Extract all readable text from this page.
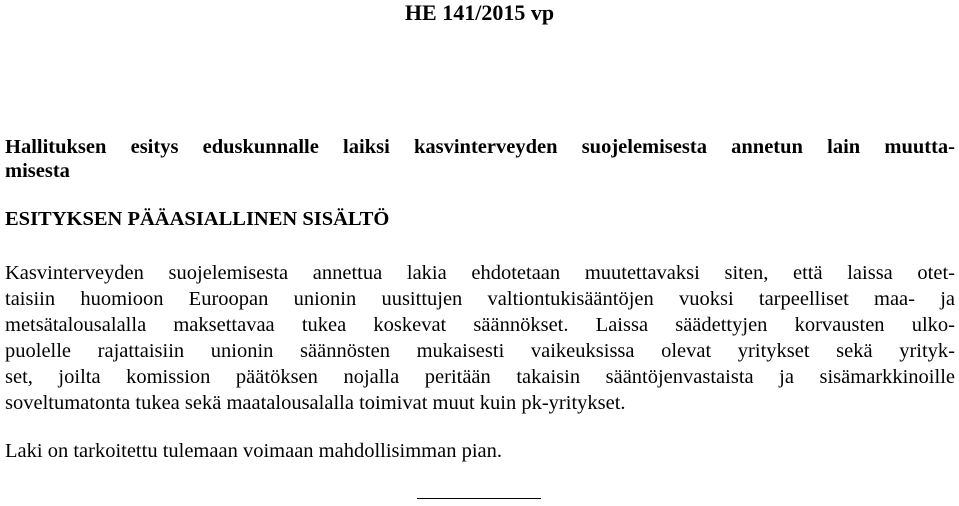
HE 141/2015 vp
Hallituksen esitys eduskunnalle laiksi kasvinterveyden suojelemisesta annetun lain muutta-
misesta
ESITYKSEN PÄÄASIALLINEN SISÄLTÖ

Kasvinterveyden suojelemisesta annettua lakia ehdotetaan muutettavaksi siten, että laissa otet-
taisiin huomioon Euroopan unionin uusittujen valtiontukisääntöjen vuoksi tarpeelliset maa- ja
metsätalousalalla maksettavaa tukea koskevat säännökset. Laissa säädettyjen korvausten ulko-
puolelle rajattaisiin unionin säännösten mukaisesti vaikeuksissa olevat yritykset sekä yrityk-
set, joilta komission päätöksen nojalla peritään takaisin sääntöjenvastaista ja sisämarkkinoille
soveltumatonta tukea sekä maatalousalalla toimivat muut kuin pk-yritykset.

Laki on tarkoitettu tulemaan voimaan mahdollisimman pian.
